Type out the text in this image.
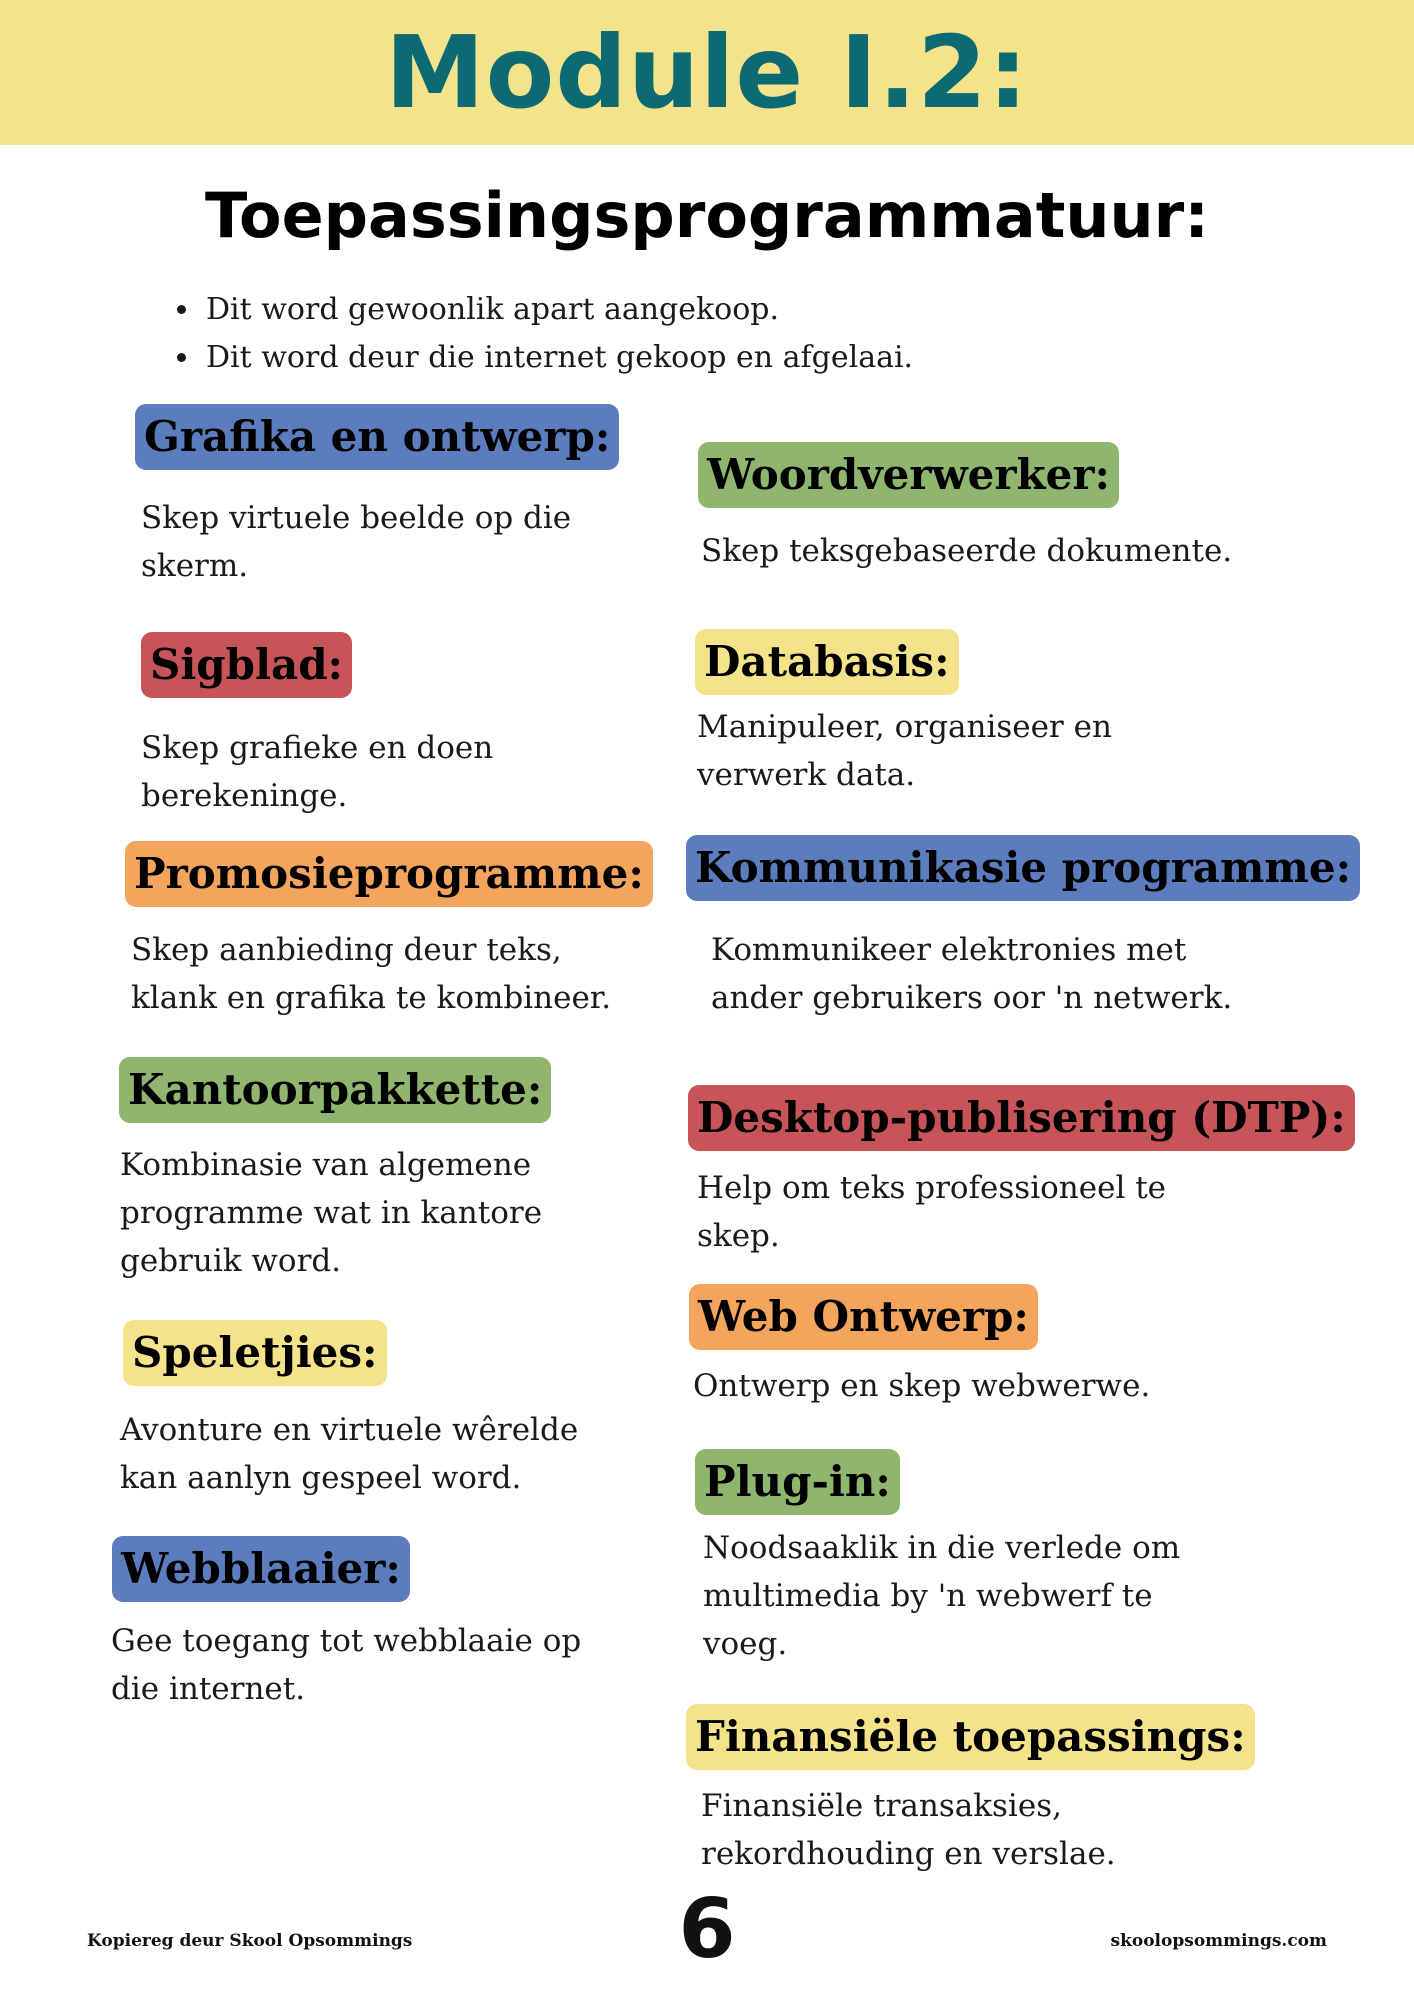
Module I.2:
Toepassingsprogrammatuur:
• Dit word gewoonlik apart aangekoop.
• Dit word deur die internet gekoop en afgelaai.
Grafika en ontwerp:
Skep virtuele beelde op die
skerm.
Sigblad:
Skep grafieke en doen
berekeninge.
Promosieprogramme:
Skep aanbieding deur teks,
klank en grafika te kombineer.
Kantoorpakkette:
Kombinasie van algemene
programme wat in kantore
gebruik word.
Speletjies:
Avonture en virtuele wêrelde
kan aanlyn gespeel word.
Webblaaier:
Gee toegang tot webblaaie op
die internet.
Woordverwerker:
Skep teksgebaseerde dokumente.
Databasis:
Manipuleer, organiseer en
verwerk data.
Kommunikasie programme:
Kommunikeer elektronies met
ander gebruikers oor 'n netwerk.
Desktop-publisering (DTP):
Help om teks professioneel te
skep.
Web Ontwerp:
Ontwerp en skep webwerwe.
Plug-in:
Noodsaaklik in die verlede om
multimedia by 'n webwerf te
voeg.
Finansiële toepassings:
Finansiële transaksies,
rekordhouding en verslae.
Kopiereg deur Skool Opsommings	6	skoolopsommings.com
